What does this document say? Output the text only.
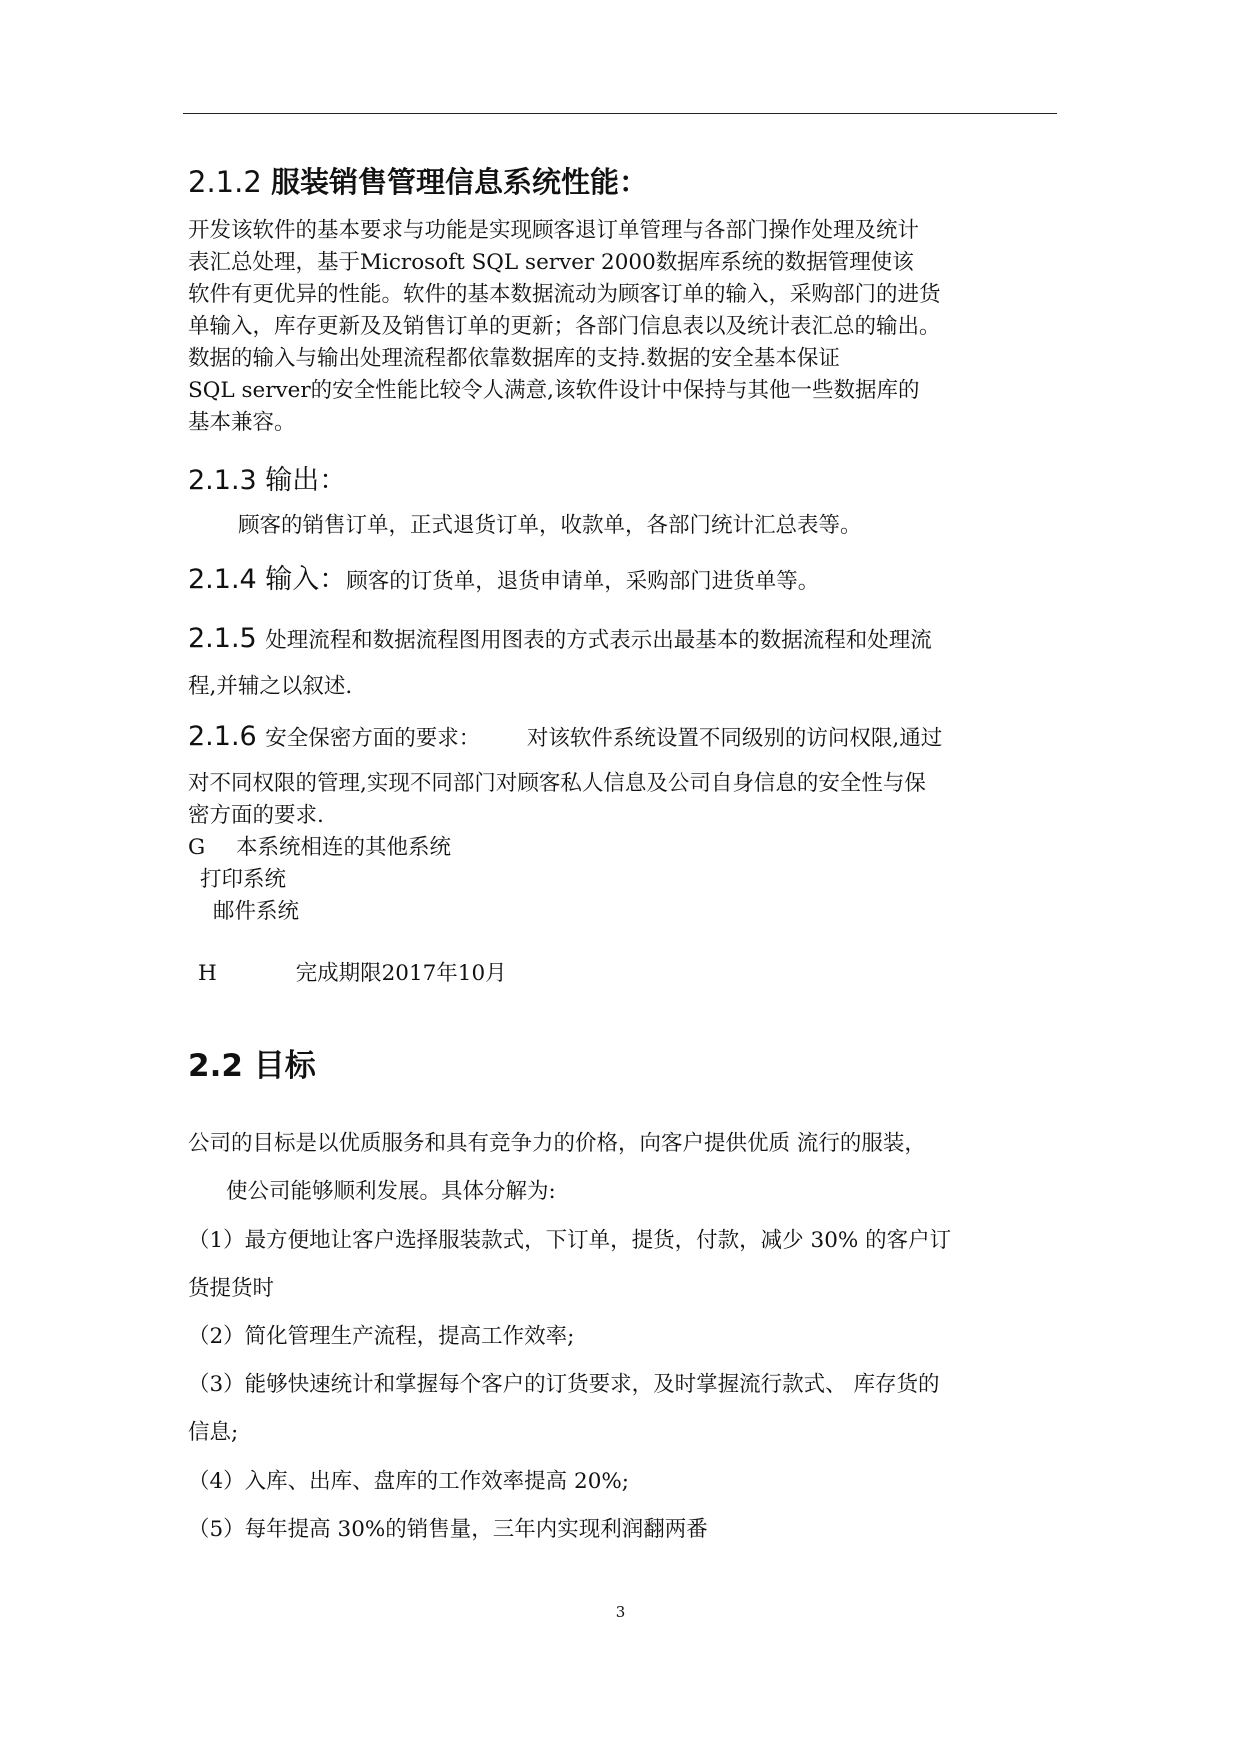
2.1.2 服装销售管理信息系统性能：
开发该软件的基本要求与功能是实现顾客退订单管理与各部门操作处理及统计
表汇总处理，基于Microsoft SQL server 2000数据库系统的数据管理使该
软件有更优异的性能。软件的基本数据流动为顾客订单的输入，采购部门的进货
单输入，库存更新及及销售订单的更新；各部门信息表以及统计表汇总的输出。
数据的输入与输出处理流程都依靠数据库的支持.数据的安全基本保证
SQL server的安全性能比较令人满意,该软件设计中保持与其他一些数据库的
基本兼容。
2.1.3 输出：
顾客的销售订单，正式退货订单，收款单，各部门统计汇总表等。
2.1.4 输入：顾客的订货单，退货申请单，采购部门进货单等。
2.1.5 处理流程和数据流程图用图表的方式表示出最基本的数据流程和处理流
程,并辅之以叙述.
2.1.6 安全保密方面的要求： 对该软件系统设置不同级别的访问权限,通过
对不同权限的管理,实现不同部门对顾客私人信息及公司自身信息的安全性与保
密方面的要求.
G 本系统相连的其他系统
打印系统
邮件系统
H	完成期限2017年10月
2.2 目标
公司的目标是以优质服务和具有竞争力的价格，向客户提供优质 流行的服装，
使公司能够顺利发展。具体分解为:
（1）最方便地让客户选择服装款式，下订单，提货，付款，减少 30% 的客户订
货提货时
（2）简化管理生产流程，提高工作效率;
（3）能够快速统计和掌握每个客户的订货要求，及时掌握流行款式、 库存货的
信息;
（4）入库、出库、盘库的工作效率提高 20%;
（5）每年提高 30%的销售量，三年内实现利润翻两番
3
